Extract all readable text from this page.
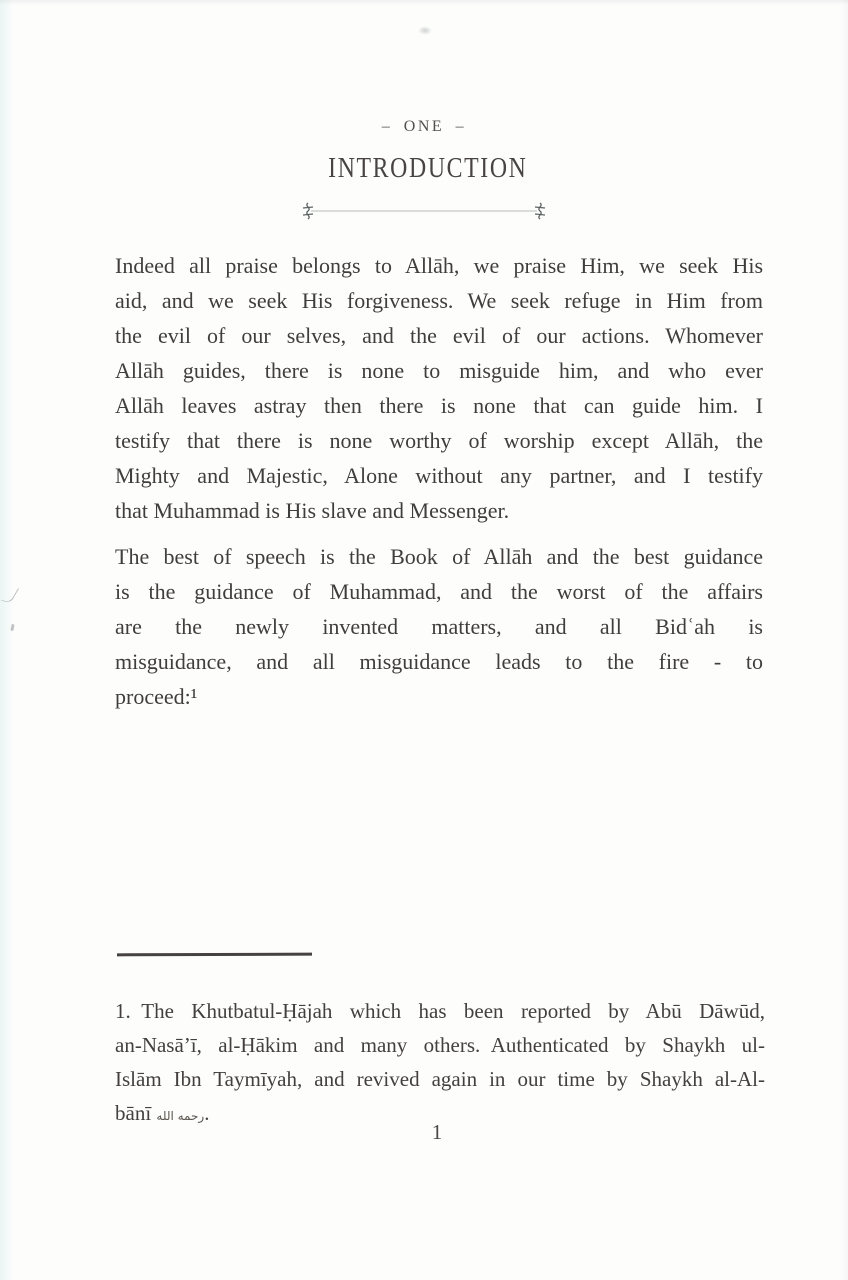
– ONE –
INTRODUCTION
Indeed all praise belongs to Allāh, we praise Him, we seek His
aid, and we seek His forgiveness. We seek refuge in Him from
the evil of our selves, and the evil of our actions. Whomever
Allāh guides, there is none to misguide him, and who ever
Allāh leaves astray then there is none that can guide him. I
testify that there is none worthy of worship except Allāh, the
Mighty and Majestic, Alone without any partner, and I testify
that Muhammad is His slave and Messenger.
The best of speech is the Book of Allāh and the best guidance
is the guidance of Muhammad, and the worst of the affairs
are the newly invented matters, and all Bidʿah is
misguidance, and all misguidance leads to the fire - to
proceed:¹
1. The Khutbatul-Ḥājah which has been reported by Abū Dāwūd,
an-Nasā’ī, al-Ḥākim and many others. Authenticated by Shaykh ul-
Islām Ibn Taymīyah, and revived again in our time by Shaykh al-Al-
bānī رحمه الله.
1
